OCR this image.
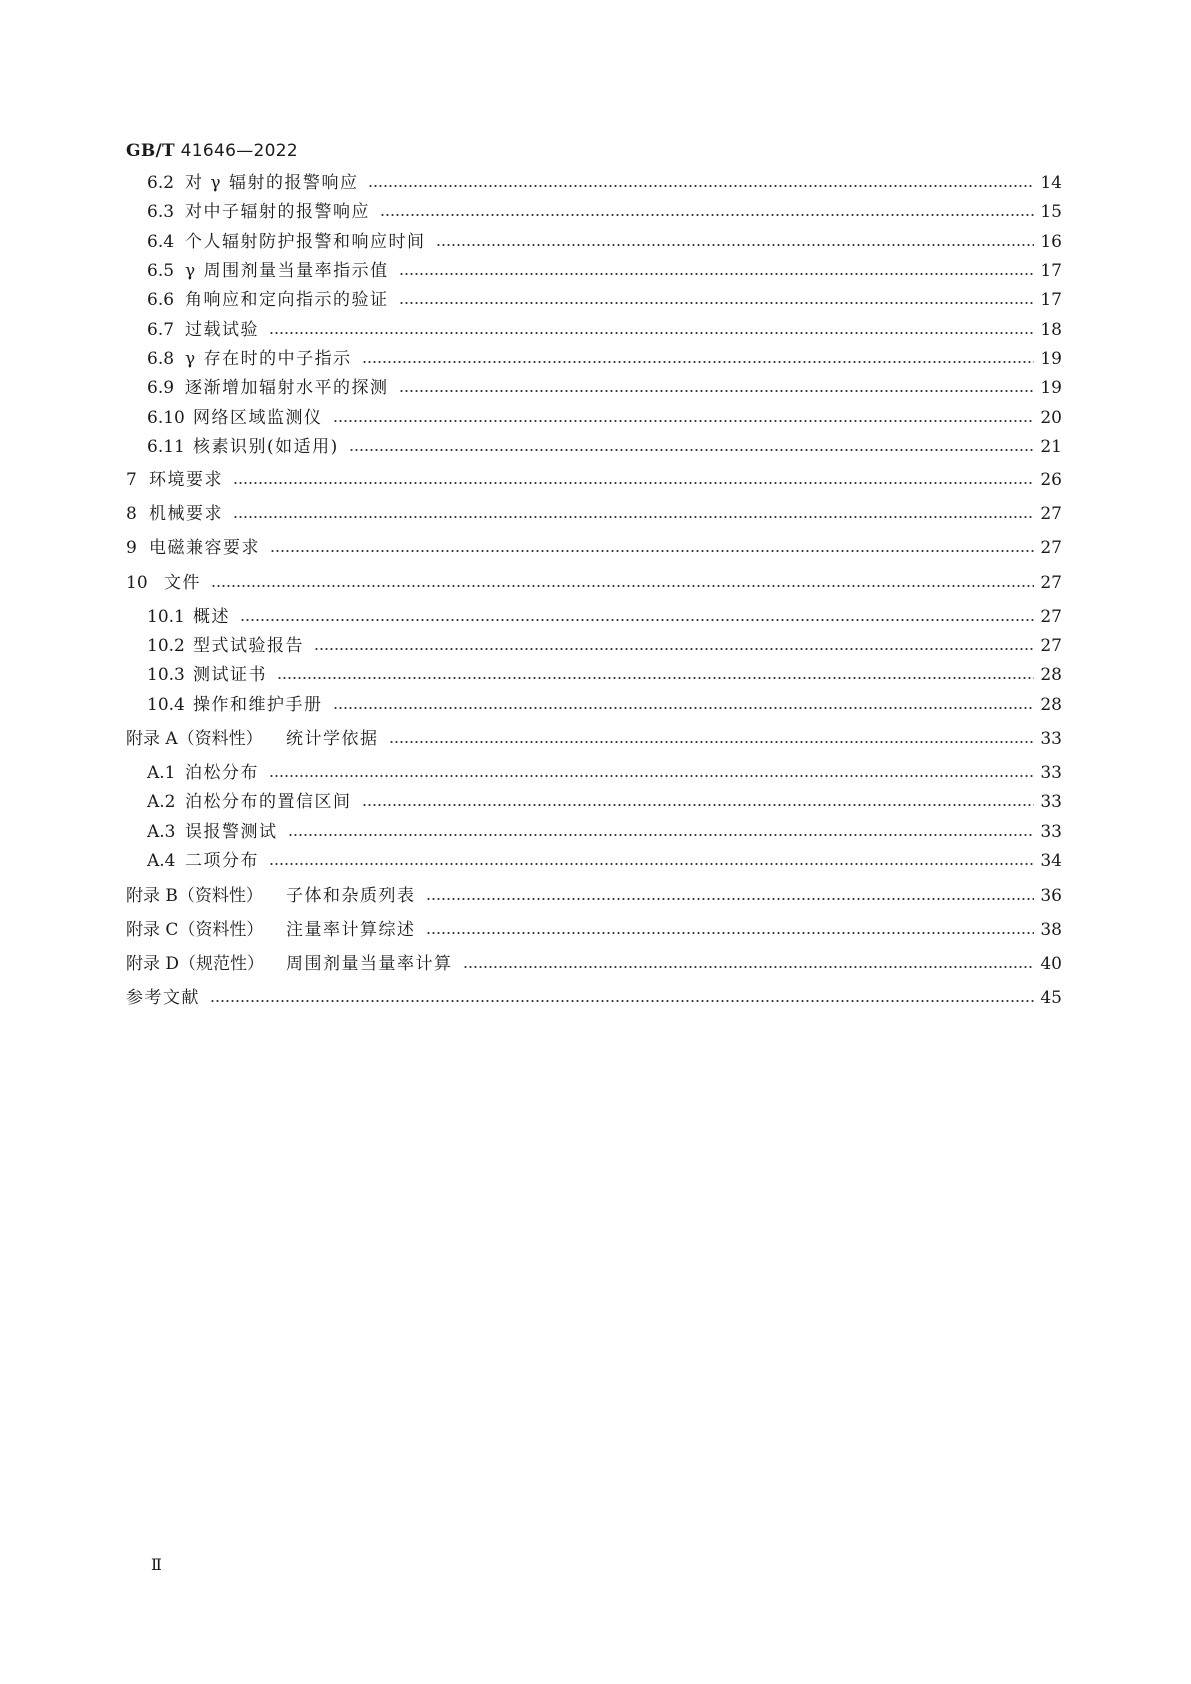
GB/T 41646—2022
6.2 对 γ 辐射的报警响应	14
6.3 对中子辐射的报警响应	15
6.4 个人辐射防护报警和响应时间	16
6.5 γ 周围剂量当量率指示值	17
6.6 角响应和定向指示的验证	17
6.7 过载试验	18
6.8 γ 存在时的中子指示	19
6.9 逐渐增加辐射水平的探测	19
6.10 网络区域监测仪	20
6.11 核素识别(如适用)	21
7 环境要求	26
8 机械要求	27
9 电磁兼容要求	27
10 文件	27
10.1 概述	27
10.2 型式试验报告	27
10.3 测试证书	28
10.4 操作和维护手册	28
附录 A（资料性）	统计学依据	33
A.1 泊松分布	33
A.2 泊松分布的置信区间	33
A.3 误报警测试	33
A.4 二项分布	34
附录 B（资料性）	子体和杂质列表	36
附录 C（资料性）	注量率计算综述	38
附录 D（规范性）	周围剂量当量率计算	40
参考文献	45
Ⅱ
